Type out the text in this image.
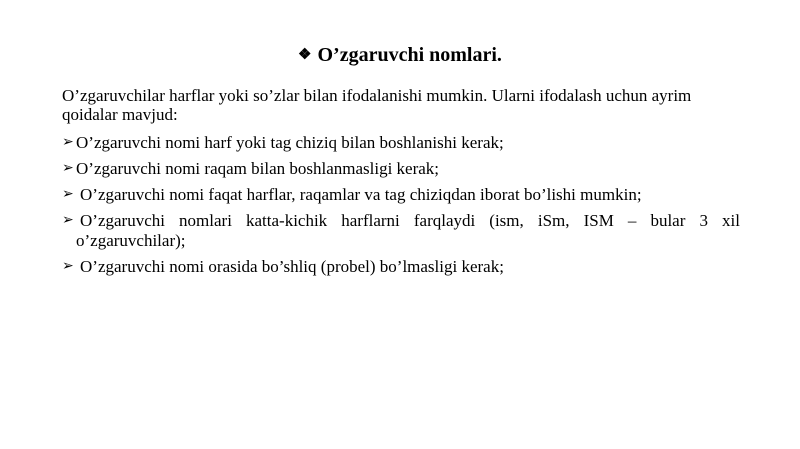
❖ O’zgaruvchi nomlari.
O’zgaruvchilar harflar yoki so’zlar bilan ifodalanishi mumkin. Ularni ifodalash uchun ayrim qoidalar mavjud:
➢ O’zgaruvchi nomi harf yoki tag chiziq bilan boshlanishi kerak;
➢ O’zgaruvchi nomi raqam bilan boshlanmasligi kerak;
➢ O’zgaruvchi nomi faqat harflar, raqamlar va tag chiziqdan iborat bo’lishi mumkin;
➢ O’zgaruvchi nomlari katta-kichik harflarni farqlaydi (ism, iSm, ISM – bular 3 xil o’zgaruvchilar);
➢ O’zgaruvchi nomi orasida bo’shliq (probel) bo’lmasligi kerak;
